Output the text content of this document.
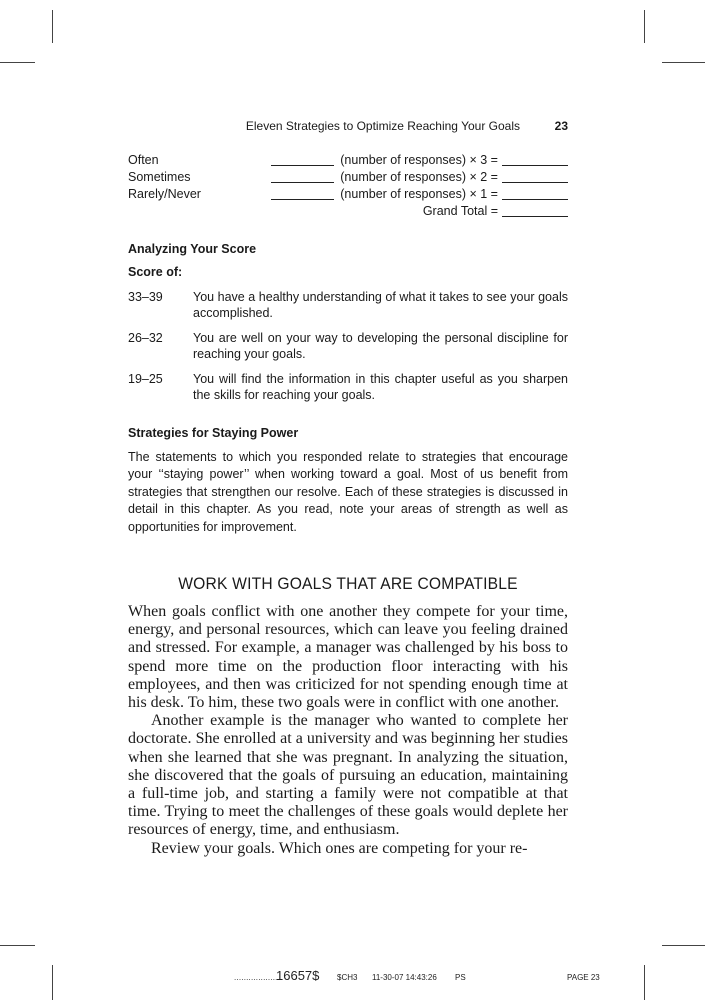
Eleven Strategies to Optimize Reaching Your Goals	23
Often	(number of responses) × 3 =
Sometimes	(number of responses) × 2 =
Rarely/Never	(number of responses) × 1 =
Grand Total =
Analyzing Your Score
Score of:
33–39	You have a healthy understanding of what it takes to see your goals accomplished.
26–32	You are well on your way to developing the personal discipline for reaching your goals.
19–25	You will find the information in this chapter useful as you sharpen the skills for reaching your goals.
Strategies for Staying Power

The statements to which you responded relate to strategies that encourage your ‘‘staying power’’ when working toward a goal. Most of us benefit from strategies that strengthen our resolve. Each of these strategies is discussed in detail in this chapter. As you read, note your areas of strength as well as opportunities for improvement.

WORK WITH GOALS THAT ARE COMPATIBLE

When goals conflict with one another they compete for your time, energy, and personal resources, which can leave you feeling drained and stressed. For example, a manager was challenged by his boss to spend more time on the production floor interacting with his employees, and then was criticized for not spending enough time at his desk. To him, these two goals were in conflict with one another.

Another example is the manager who wanted to complete her doctorate. She enrolled at a university and was beginning her studies when she learned that she was pregnant. In analyzing the situation, she discovered that the goals of pursuing an education, maintaining a full-time job, and starting a family were not compatible at that time. Trying to meet the challenges of these goals would deplete her resources of energy, time, and enthusiasm.

Review your goals. Which ones are competing for your re-

..................
16657$ $CH3 11-30-07 14:43:26 PS	PAGE 23
